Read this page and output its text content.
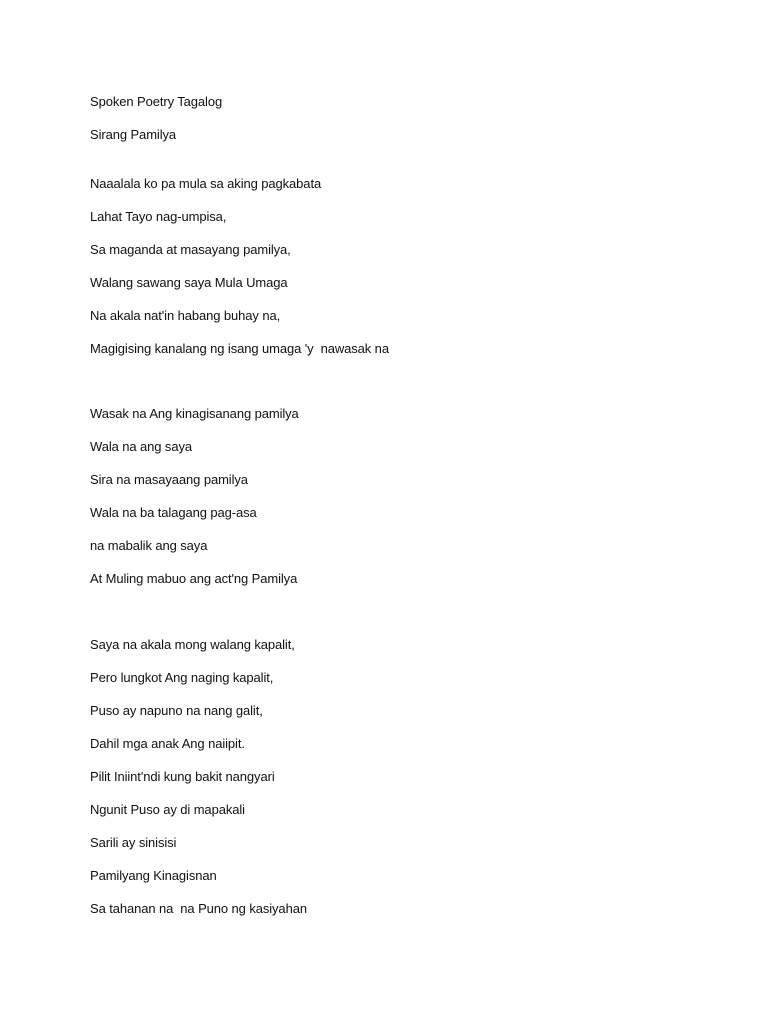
Spoken Poetry Tagalog
Sirang Pamilya
Naaalala ko pa mula sa aking pagkabata
Lahat Tayo nag-umpisa,
Sa maganda at masayang pamilya,
Walang sawang saya Mula Umaga
Na akala nat'in habang buhay na,
Magigising kanalang ng isang umaga 'y  nawasak na
Wasak na Ang kinagisanang pamilya
Wala na ang saya
Sira na masayaang pamilya
Wala na ba talagang pag-asa
na mabalik ang saya
At Muling mabuo ang act'ng Pamilya
Saya na akala mong walang kapalit,
Pero lungkot Ang naging kapalit,
Puso ay napuno na nang galit,
Dahil mga anak Ang naiipit.
Pilit Iniint'ndi kung bakit nangyari
Ngunit Puso ay di mapakali
Sarili ay sinisisi
Pamilyang Kinagisnan
Sa tahanan na  na Puno ng kasiyahan
